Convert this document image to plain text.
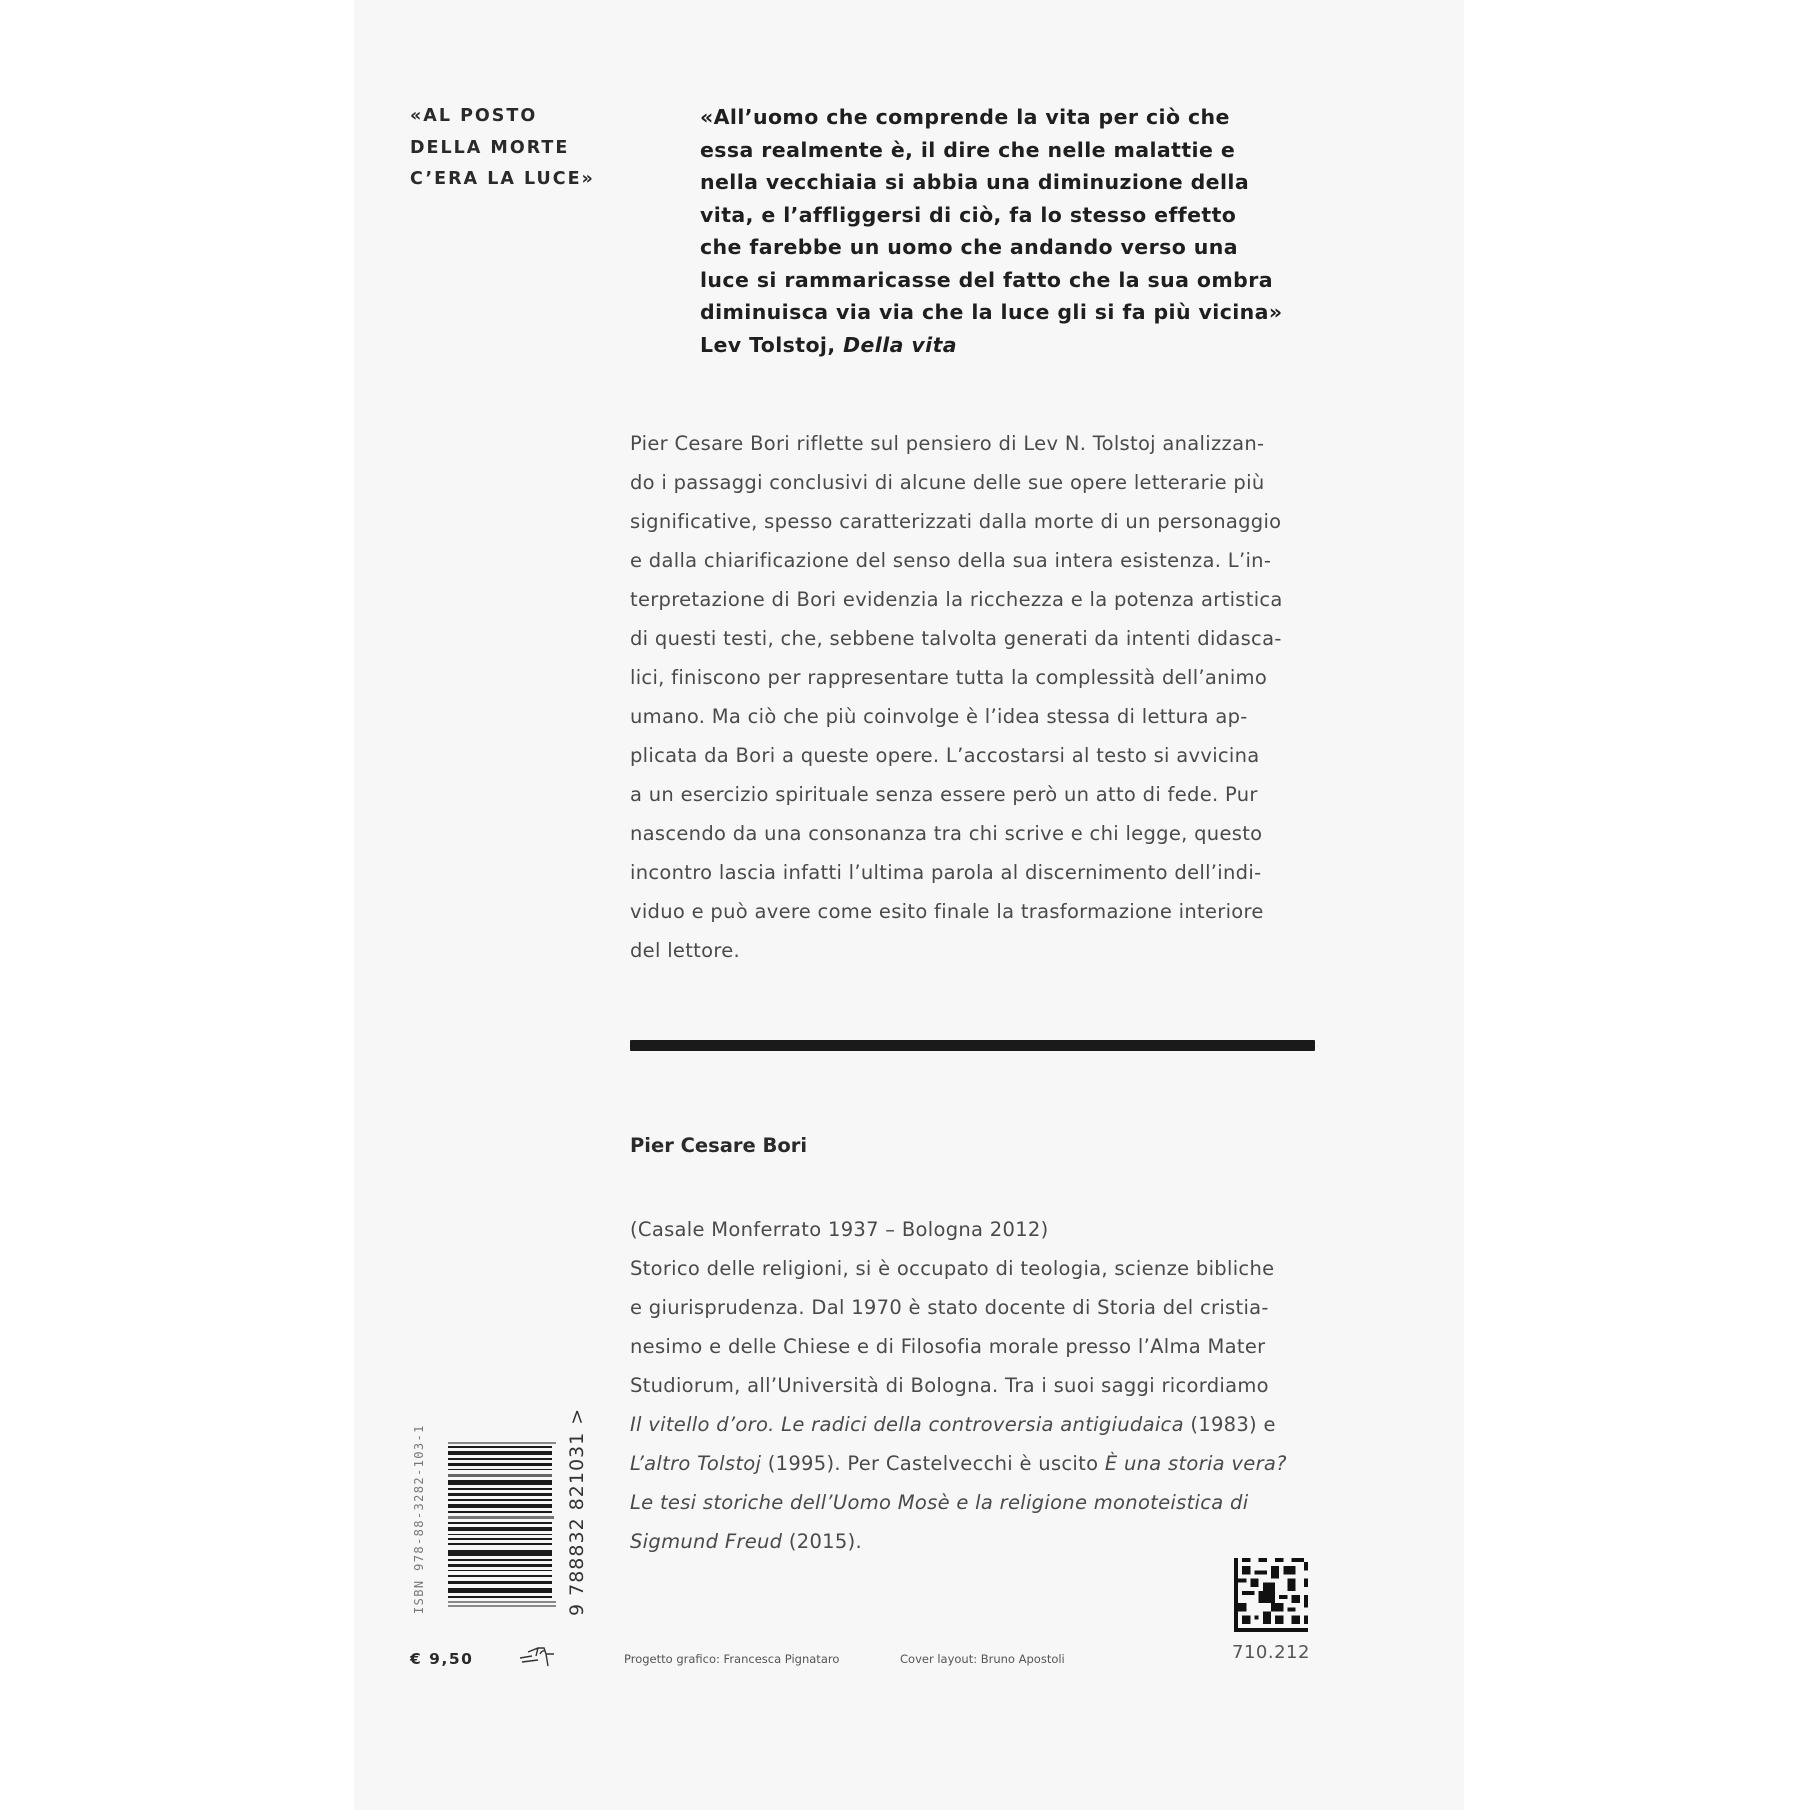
«AL POSTO
DELLA MORTE
C’ERA LA LUCE»
«All’uomo che comprende la vita per ciò che
essa realmente è, il dire che nelle malattie e
nella vecchiaia si abbia una diminuzione della
vita, e l’affliggersi di ciò, fa lo stesso effetto
che farebbe un uomo che andando verso una
luce si rammaricasse del fatto che la sua ombra
diminuisca via via che la luce gli si fa più vicina»
Lev Tolstoj, Della vita
Pier Cesare Bori riflette sul pensiero di Lev N. Tolstoj analizzan-
do i passaggi conclusivi di alcune delle sue opere letterarie più
significative, spesso caratterizzati dalla morte di un personaggio
e dalla chiarificazione del senso della sua intera esistenza. L’in-
terpretazione di Bori evidenzia la ricchezza e la potenza artistica
di questi testi, che, sebbene talvolta generati da intenti didasca-
lici, finiscono per rappresentare tutta la complessità dell’animo
umano. Ma ciò che più coinvolge è l’idea stessa di lettura ap-
plicata da Bori a queste opere. L’accostarsi al testo si avvicina
a un esercizio spirituale senza essere però un atto di fede. Pur
nascendo da una consonanza tra chi scrive e chi legge, questo
incontro lascia infatti l’ultima parola al discernimento dell’indi-
viduo e può avere come esito finale la trasformazione interiore
del lettore.
Pier Cesare Bori
(Casale Monferrato 1937 – Bologna 2012)
Storico delle religioni, si è occupato di teologia, scienze bibliche
e giurisprudenza. Dal 1970 è stato docente di Storia del cristia-
nesimo e delle Chiese e di Filosofia morale presso l’Alma Mater
Studiorum, all’Università di Bologna. Tra i suoi saggi ricordiamo
Il vitello d’oro. Le radici della controversia antigiudaica (1983) e
L’altro Tolstoj (1995). Per Castelvecchi è uscito È una storia vera?
Le tesi storiche dell’Uomo Mosè e la religione monoteistica di
Sigmund Freud (2015).
ISBN 978-88-3282-103-1	9 788832 821031 >
€ 9,50	Progetto grafico: Francesca Pignataro	Cover layout: Bruno Apostoli	710.212
